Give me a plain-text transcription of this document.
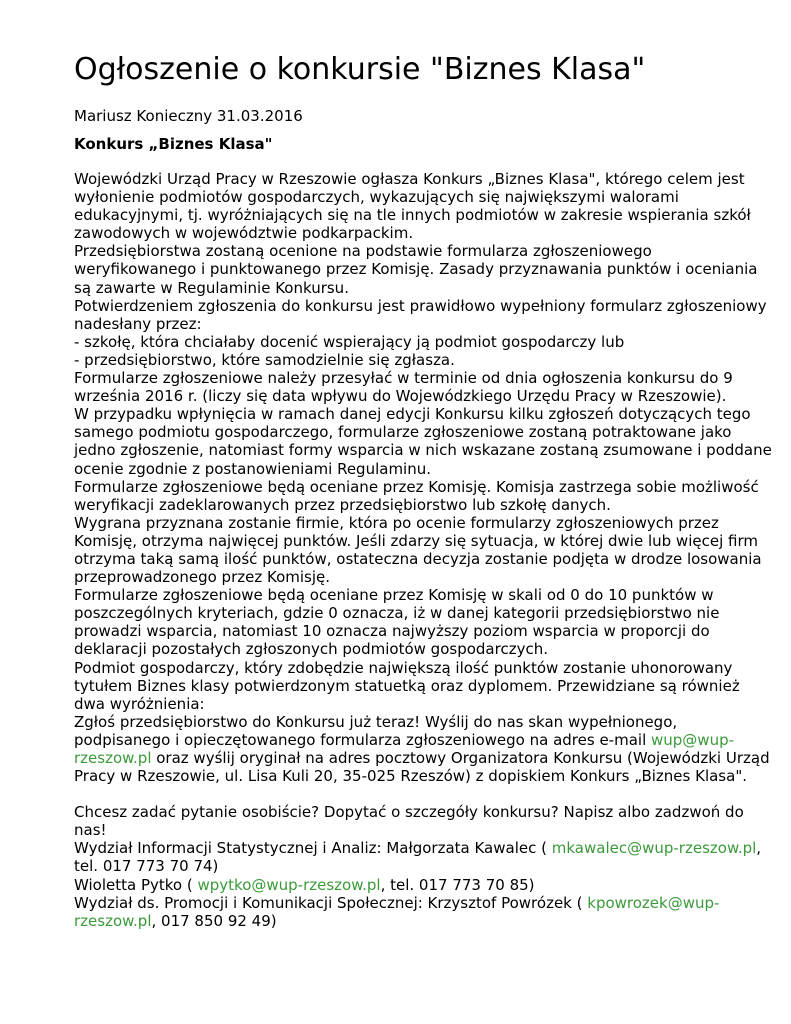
Ogłoszenie o konkursie "Biznes Klasa"
Mariusz Konieczny 31.03.2016
Konkurs „Biznes Klasa"

Wojewódzki Urząd Pracy w Rzeszowie ogłasza Konkurs „Biznes Klasa", którego celem jest wyłonienie podmiotów gospodarczych, wykazujących się największymi walorami edukacyjnymi, tj. wyróżniających się na tle innych podmiotów w zakresie wspierania szkół zawodowych w województwie podkarpackim.

Przedsiębiorstwa zostaną ocenione na podstawie formularza zgłoszeniowego weryfikowanego i punktowanego przez Komisję. Zasady przyznawania punktów i oceniania są zawarte w Regulaminie Konkursu.

Potwierdzeniem zgłoszenia do konkursu jest prawidłowo wypełniony formularz zgłoszeniowy nadesłany przez:

- szkołę, która chciałaby docenić wspierający ją podmiot gospodarczy lub

- przedsiębiorstwo, które samodzielnie się zgłasza.

Formularze zgłoszeniowe należy przesyłać w terminie od dnia ogłoszenia konkursu do 9 września 2016 r. (liczy się data wpływu do Wojewódzkiego Urzędu Pracy w Rzeszowie).

W przypadku wpłynięcia w ramach danej edycji Konkursu kilku zgłoszeń dotyczących tego samego podmiotu gospodarczego, formularze zgłoszeniowe zostaną potraktowane jako jedno zgłoszenie, natomiast formy wsparcia w nich wskazane zostaną zsumowane i poddane ocenie zgodnie z postanowieniami Regulaminu.

Formularze zgłoszeniowe będą oceniane przez Komisję. Komisja zastrzega sobie możliwość weryfikacji zadeklarowanych przez przedsiębiorstwo lub szkołę danych.

Wygrana przyznana zostanie firmie, która po ocenie formularzy zgłoszeniowych przez Komisję, otrzyma najwięcej punktów. Jeśli zdarzy się sytuacja, w której dwie lub więcej firm otrzyma taką samą ilość punktów, ostateczna decyzja zostanie podjęta w drodze losowania przeprowadzonego przez Komisję.

Formularze zgłoszeniowe będą oceniane przez Komisję w skali od 0 do 10 punktów w poszczególnych kryteriach, gdzie 0 oznacza, iż w danej kategorii przedsiębiorstwo nie prowadzi wsparcia, natomiast 10 oznacza najwyższy poziom wsparcia w proporcji do deklaracji pozostałych zgłoszonych podmiotów gospodarczych.

Podmiot gospodarczy, który zdobędzie największą ilość punktów zostanie uhonorowany tytułem Biznes klasy potwierdzonym statuetką oraz dyplomem. Przewidziane są również dwa wyróżnienia:

Zgłoś przedsiębiorstwo do Konkursu już teraz! Wyślij do nas skan wypełnionego, podpisanego i opieczętowanego formularza zgłoszeniowego na adres e-mail wup@wup-rzeszow.pl oraz wyślij oryginał na adres pocztowy Organizatora Konkursu (Wojewódzki Urząd Pracy w Rzeszowie, ul. Lisa Kuli 20, 35-025 Rzeszów) z dopiskiem Konkurs „Biznes Klasa".

Chcesz zadać pytanie osobiście? Dopytać o szczegóły konkursu? Napisz albo zadzwoń do nas!

Wydział Informacji Statystycznej i Analiz: Małgorzata Kawalec ( mkawalec@wup-rzeszow.pl, tel. 017 773 70 74)

Wioletta Pytko ( wpytko@wup-rzeszow.pl, tel. 017 773 70 85)

Wydział ds. Promocji i Komunikacji Społecznej: Krzysztof Powrózek ( kpowrozek@wup-rzeszow.pl, 017 850 92 49)
